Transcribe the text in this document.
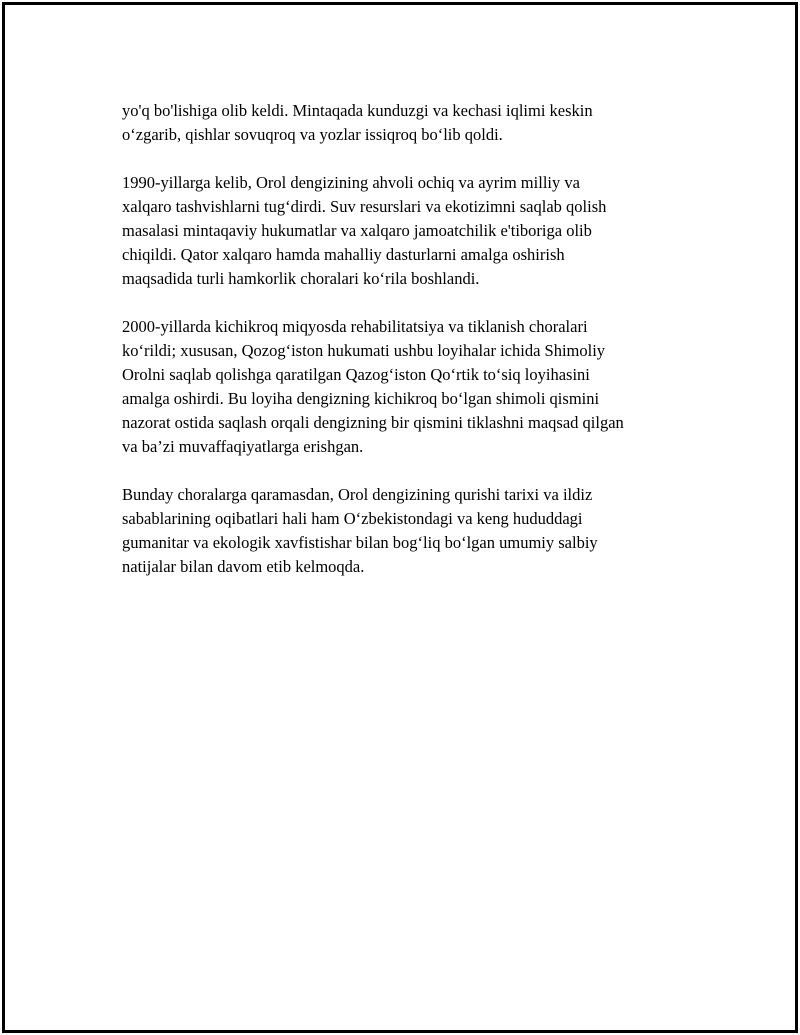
yo'q bo'lishiga olib keldi. Mintaqada kunduzgi va kechasi iqlimi keskin
o‘zgarib, qishlar sovuqroq va yozlar issiqroq bo‘lib qoldi.

1990-yillarga kelib, Orol dengizining ahvoli ochiq va ayrim milliy va
xalqaro tashvishlarni tug‘dirdi. Suv resurslari va ekotizimni saqlab qolish
masalasi mintaqaviy hukumatlar va xalqaro jamoatchilik e'tiboriga olib
chiqildi. Qator xalqaro hamda mahalliy dasturlarni amalga oshirish
maqsadida turli hamkorlik choralari ko‘rila boshlandi.

2000-yillarda kichikroq miqyosda rehabilitatsiya va tiklanish choralari
ko‘rildi; xususan, Qozog‘iston hukumati ushbu loyihalar ichida Shimoliy
Orolni saqlab qolishga qaratilgan Qazog‘iston Qo‘rtik to‘siq loyihasini
amalga oshirdi. Bu loyiha dengizning kichikroq bo‘lgan shimoli qismini
nazorat ostida saqlash orqali dengizning bir qismini tiklashni maqsad qilgan
va ba’zi muvaffaqiyatlarga erishgan.

Bunday choralarga qaramasdan, Orol dengizining qurishi tarixi va ildiz
sabablarining oqibatlari hali ham O‘zbekistondagi va keng hududdagi
gumanitar va ekologik xavfistishar bilan bog‘liq bo‘lgan umumiy salbiy
natijalar bilan davom etib kelmoqda.
